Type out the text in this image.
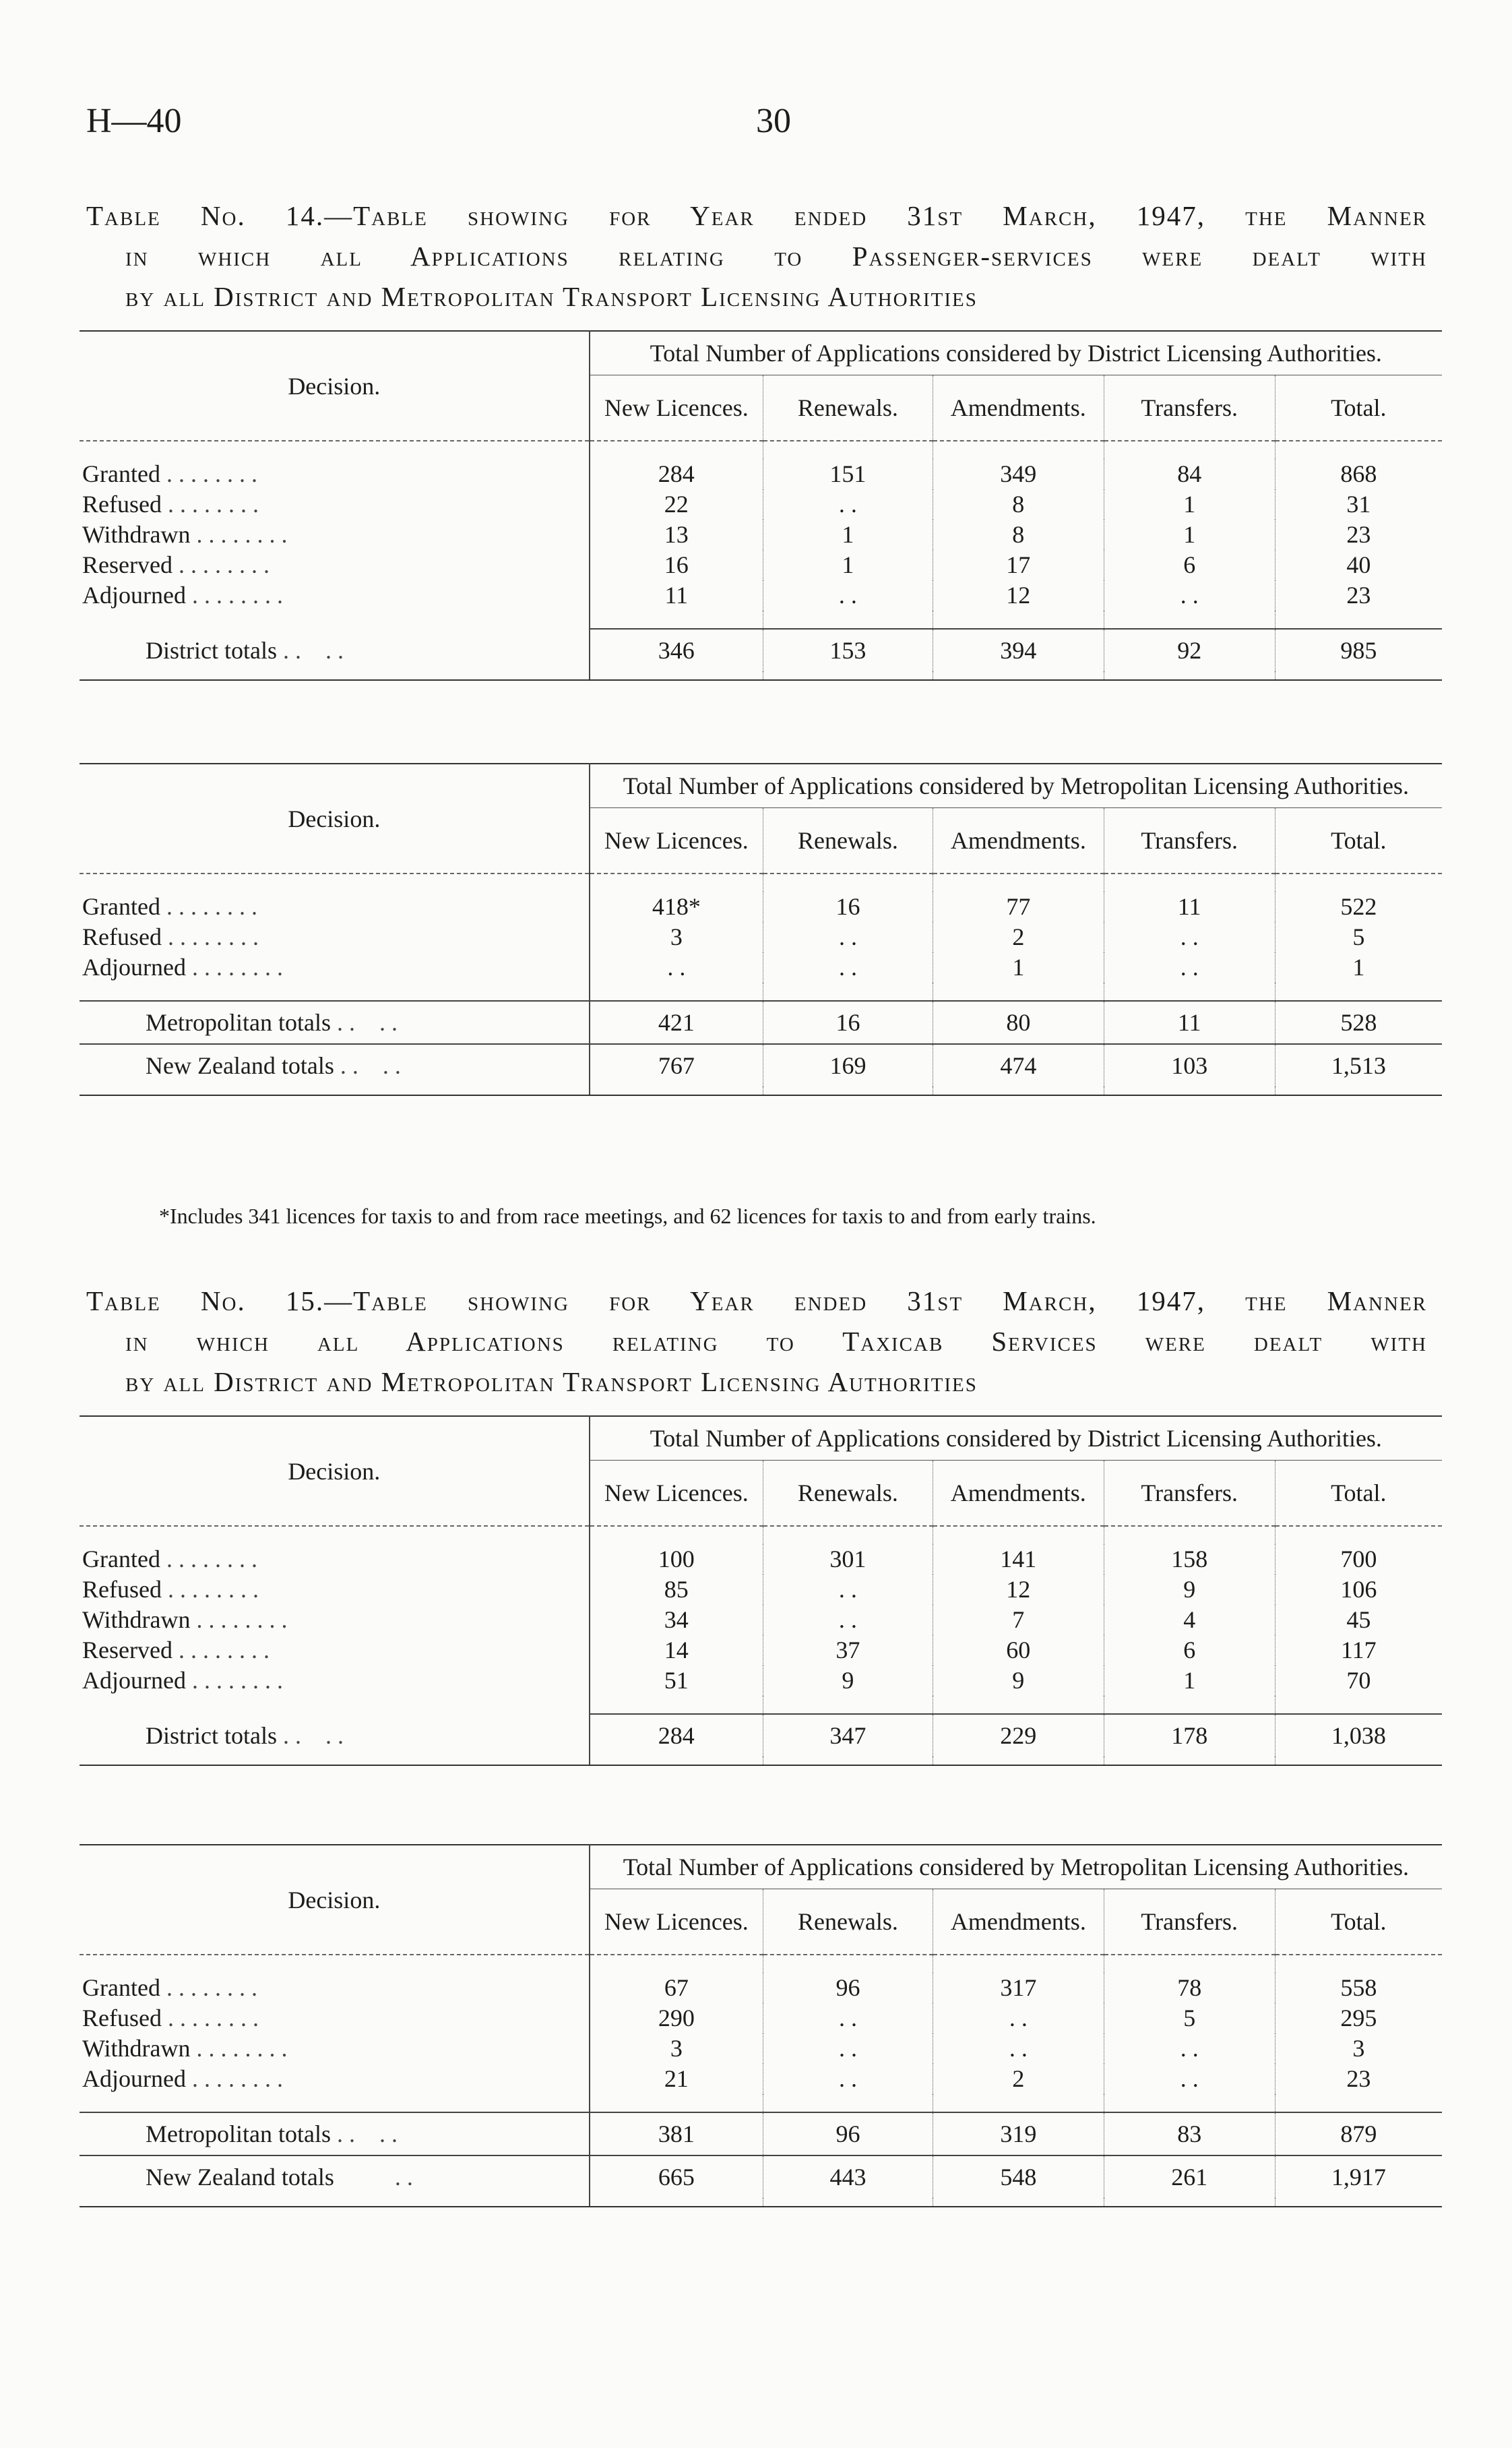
H—40	30
Table No. 14.—Table showing for Year ended 31st March, 1947, the Manner
in which all Applications relating to Passenger-services were dealt with
by all District and Metropolitan Transport Licensing Authorities
Decision.	Total Number of Applications considered by District Licensing Authorities.				
	New Licences.	Renewals.	Amendments.	Transfers.	Total.

Granted . . . . . . . .	284	151	349	84	868
Refused . . . . . . . .	22	. .	8	1	31
Withdrawn . . . . . . . .	13	1	8	1	23
Reserved . . . . . . . .	16	1	17	6	40
Adjourned . . . . . . . .	11	. .	12	. .	23

District totals . . . .	346	153	394	92	985

Decision.	Total Number of Applications considered by Metropolitan Licensing Authorities.				
	New Licences.	Renewals.	Amendments.	Transfers.	Total.

Granted . . . . . . . .	418*	16	77	11	522
Refused . . . . . . . .	3	. .	2	. .	5
Adjourned . . . . . . . .	. .	. .	1	. .	1

Metropolitan totals . . . .	421	16	80	11	528
New Zealand totals . . . .	767	169	474	103	1,513

*Includes 341 licences for taxis to and from race meetings, and 62 licences for taxis to and from early trains.
Table No. 15.—Table showing for Year ended 31st March, 1947, the Manner
in which all Applications relating to Taxicab Services were dealt with
by all District and Metropolitan Transport Licensing Authorities
Decision.	Total Number of Applications considered by District Licensing Authorities.				
	New Licences.	Renewals.	Amendments.	Transfers.	Total.

Granted . . . . . . . .	100	301	141	158	700
Refused . . . . . . . .	85	. .	12	9	106
Withdrawn . . . . . . . .	34	. .	7	4	45
Reserved . . . . . . . .	14	37	60	6	117
Adjourned . . . . . . . .	51	9	9	1	70

District totals . . . .	284	347	229	178	1,038

Decision.	Total Number of Applications considered by Metropolitan Licensing Authorities.				
	New Licences.	Renewals.	Amendments.	Transfers.	Total.

Granted . . . . . . . .	67	96	317	78	558
Refused . . . . . . . .	290	. .	. .	5	295
Withdrawn . . . . . . . .	3	. .	. .	. .	3
Adjourned . . . . . . . .	21	. .	2	. .	23

Metropolitan totals . . . .	381	96	319	83	879
New Zealand totals . .	665	443	548	261	1,917
